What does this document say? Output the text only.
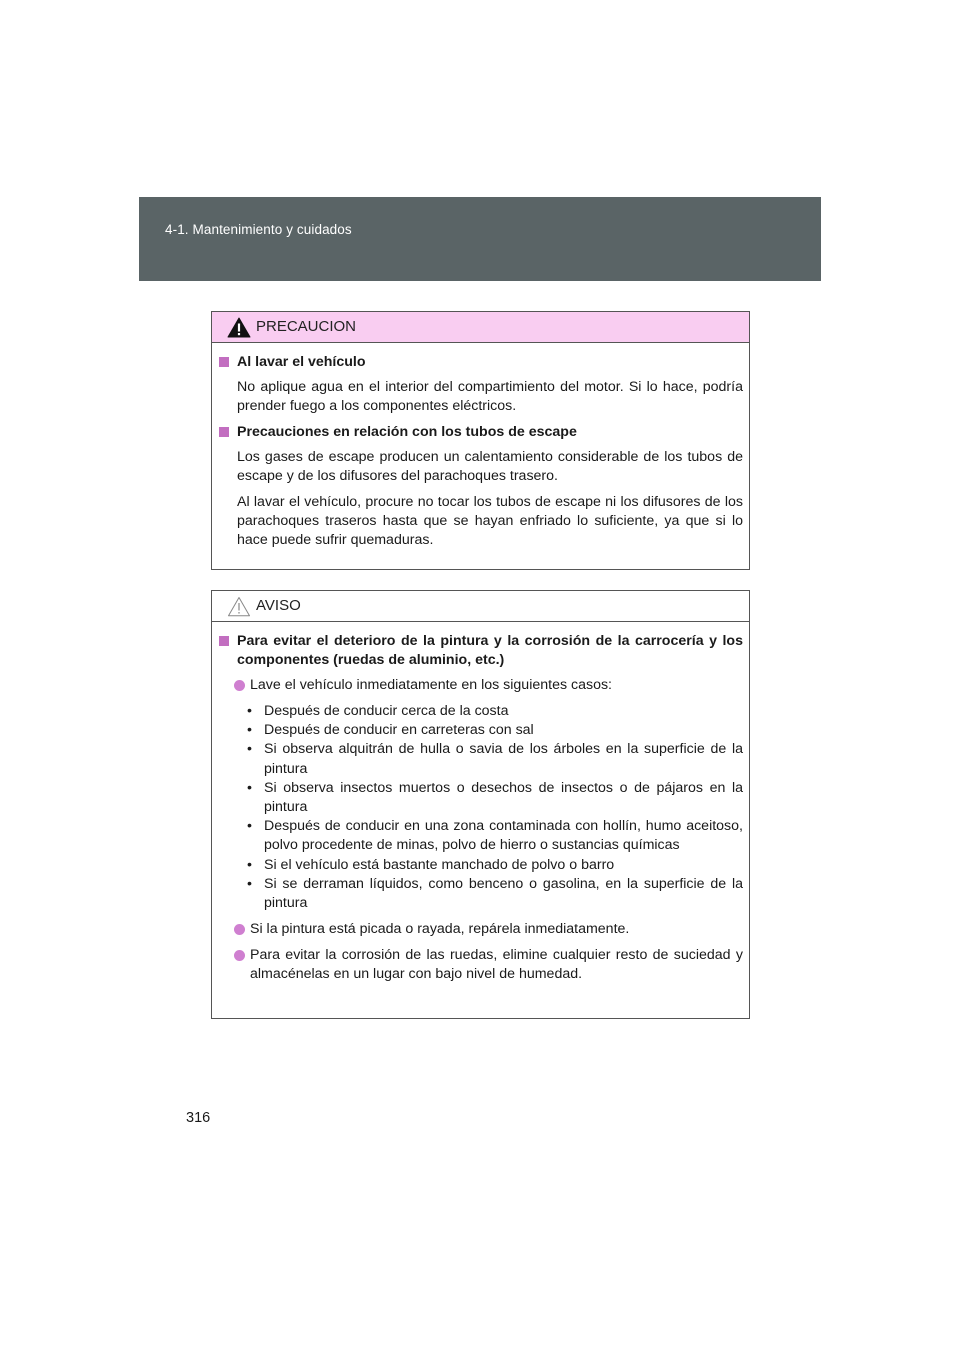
4-1. Mantenimiento y cuidados
PRECAUCION
Al lavar el vehículo
No aplique agua en el interior del compartimiento del motor. Si lo hace, podría prender fuego a los componentes eléctricos.
Precauciones en relación con los tubos de escape
Los gases de escape producen un calentamiento considerable de los tubos de escape y de los difusores del parachoques trasero.
Al lavar el vehículo, procure no tocar los tubos de escape ni los difusores de los parachoques traseros hasta que se hayan enfriado lo suficiente, ya que si lo hace puede sufrir quemaduras.
AVISO
Para evitar el deterioro de la pintura y la corrosión de la carrocería y los componentes (ruedas de aluminio, etc.)
Lave el vehículo inmediatamente en los siguientes casos:
• Después de conducir cerca de la costa
• Después de conducir en carreteras con sal
• Si observa alquitrán de hulla o savia de los árboles en la superficie de la pintura
• Si observa insectos muertos o desechos de insectos o de pájaros en la pintura
• Después de conducir en una zona contaminada con hollín, humo aceitoso, polvo procedente de minas, polvo de hierro o sustancias químicas
• Si el vehículo está bastante manchado de polvo o barro
• Si se derraman líquidos, como benceno o gasolina, en la superficie de la pintura
Si la pintura está picada o rayada, repárela inmediatamente.
Para evitar la corrosión de las ruedas, elimine cualquier resto de suciedad y almacénelas en un lugar con bajo nivel de humedad.
316
